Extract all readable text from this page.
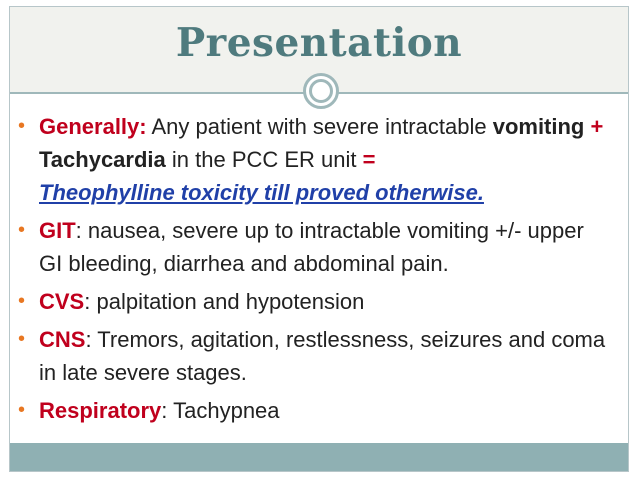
Presentation
• Generally: Any patient with severe intractable vomiting + Tachycardia in the PCC ER unit =
Theophylline toxicity till proved otherwise.
• GIT: nausea, severe up to intractable vomiting +/- upper GI bleeding, diarrhea and abdominal pain.
• CVS: palpitation and hypotension
• CNS: Tremors, agitation, restlessness, seizures and coma in late severe stages.
• Respiratory: Tachypnea
